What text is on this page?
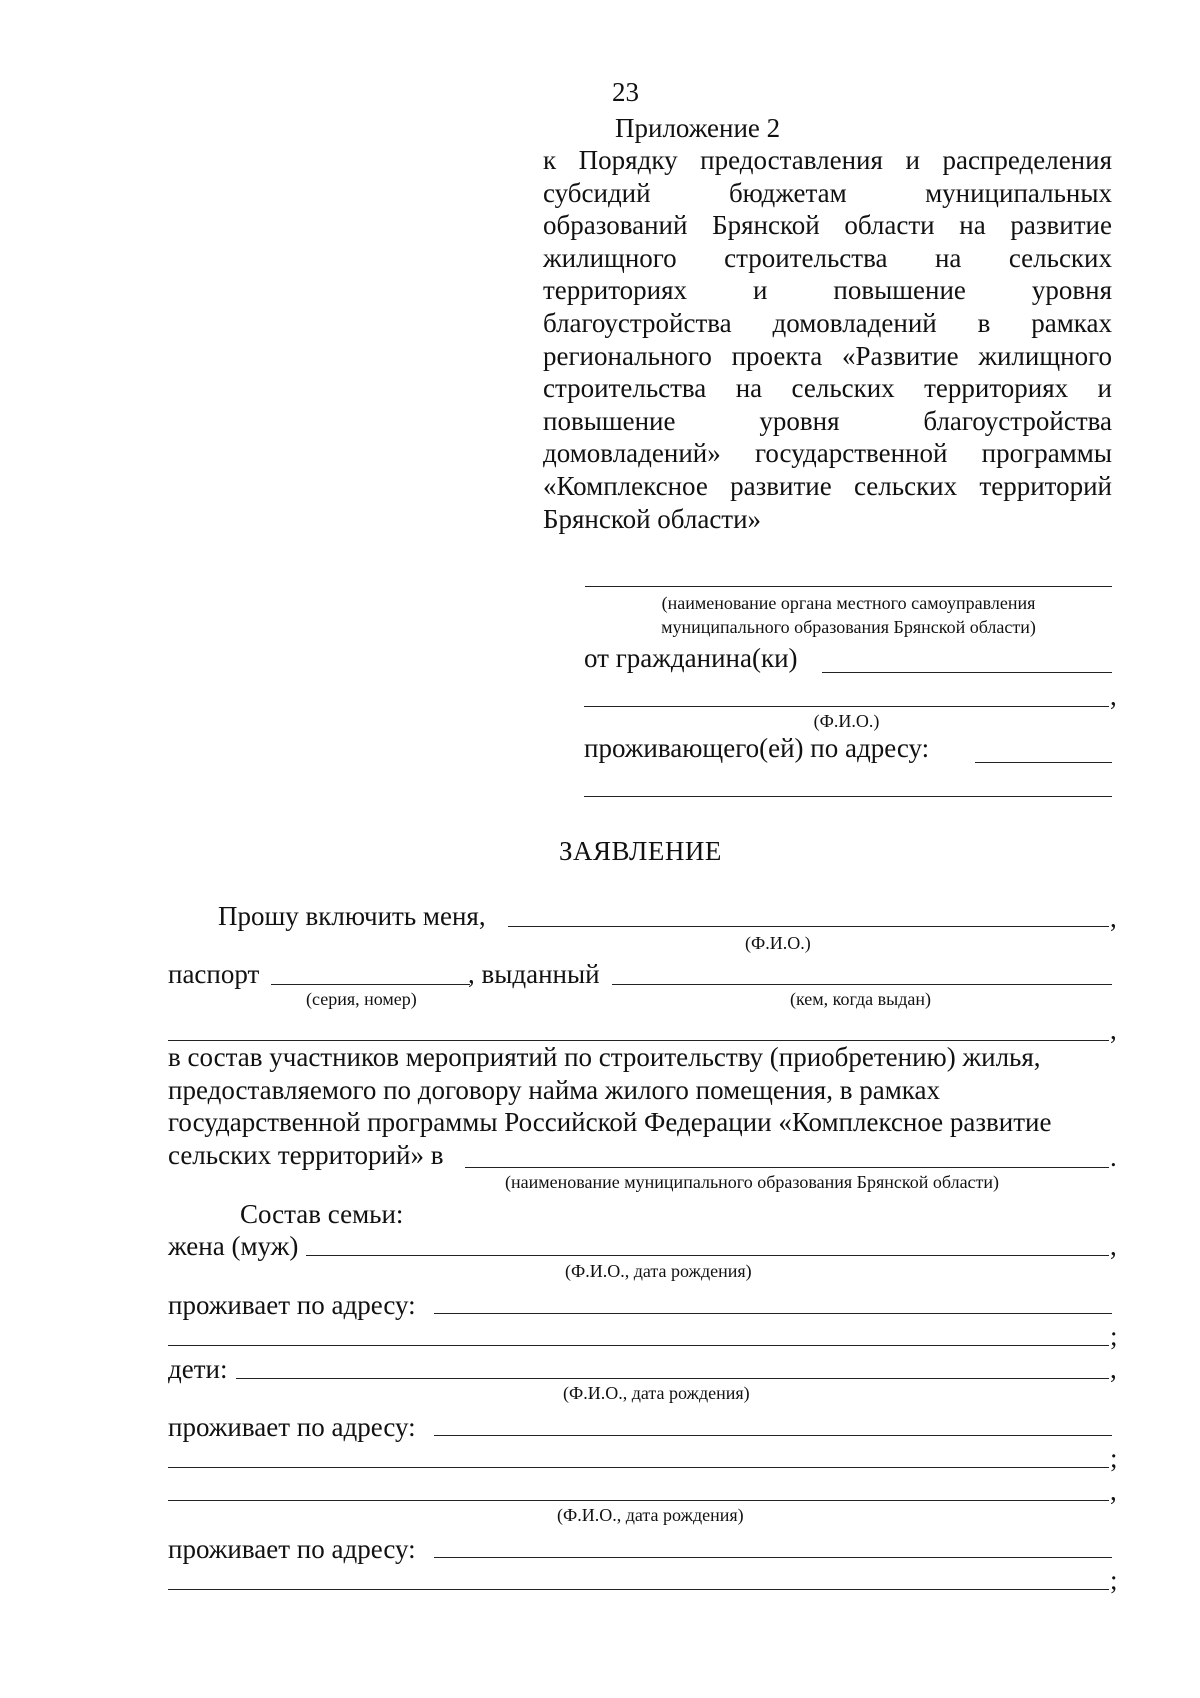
23
Приложение 2
к Порядку предоставления и распределения субсидий бюджетам муниципальных образований Брянской области на развитие жилищного строительства на сельских территориях и повышение уровня благоустройства домовладений в рамках регионального проекта «Развитие жилищного строительства на сельских территориях и повышение уровня благоустройства домовладений» государственной программы «Комплексное развитие сельских территорий Брянской области»
(наименование органа местного самоуправления
муниципального образования Брянской области)
от гражданина(ки)
,
(Ф.И.О.)
проживающего(ей) по адресу:
ЗАЯВЛЕНИЕ
Прошу включить меня,	,
(Ф.И.О.)
паспорт	, выданный
(серия, номер)	(кем, когда выдан)
,
в состав участников мероприятий по строительству (приобретению) жилья,
предоставляемого по договору найма жилого помещения, в рамках
государственной программы Российской Федерации «Комплексное развитие
сельских территорий» в	.
(наименование муниципального образования Брянской области)
Состав семьи:
жена (муж)	,
(Ф.И.О., дата рождения)
проживает по адресу:
;
дети:	,
(Ф.И.О., дата рождения)
проживает по адресу:
;
,
(Ф.И.О., дата рождения)
проживает по адресу:
;
